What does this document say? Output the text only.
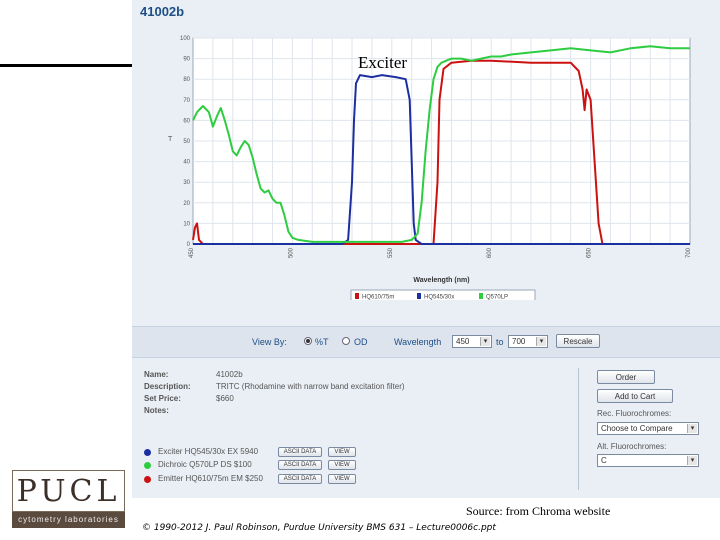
41002b
0
10
20
30
40
50
60
70
80
90
100
450	500	550	600	650	700
T
Wavelength (nm)
Exciter
HQ610/75m	HQ545/30x	Q570LP
View By:	%T	OD	Wavelength	450	▾ to	700	▾	Rescale
Name:	41002b
Description:	TRITC (Rhodamine with narrow band excitation filter)
Set Price:	$660
Notes:
Order
Add to Cart
Rec. Fluorochromes:
Choose to Compare	▾
Alt. Fluorochromes:
C	▾
Exciter HQ545/30x EX 5940	ASCII DATA	VIEW
Dichroic Q570LP DS $100	ASCII DATA	VIEW
Emitter HQ610/75m EM $250	ASCII DATA	VIEW
PUCL
cytometry laboratories
Source: from Chroma website
© 1990-2012 J. Paul Robinson, Purdue University BMS 631 – Lecture0006c.ppt
